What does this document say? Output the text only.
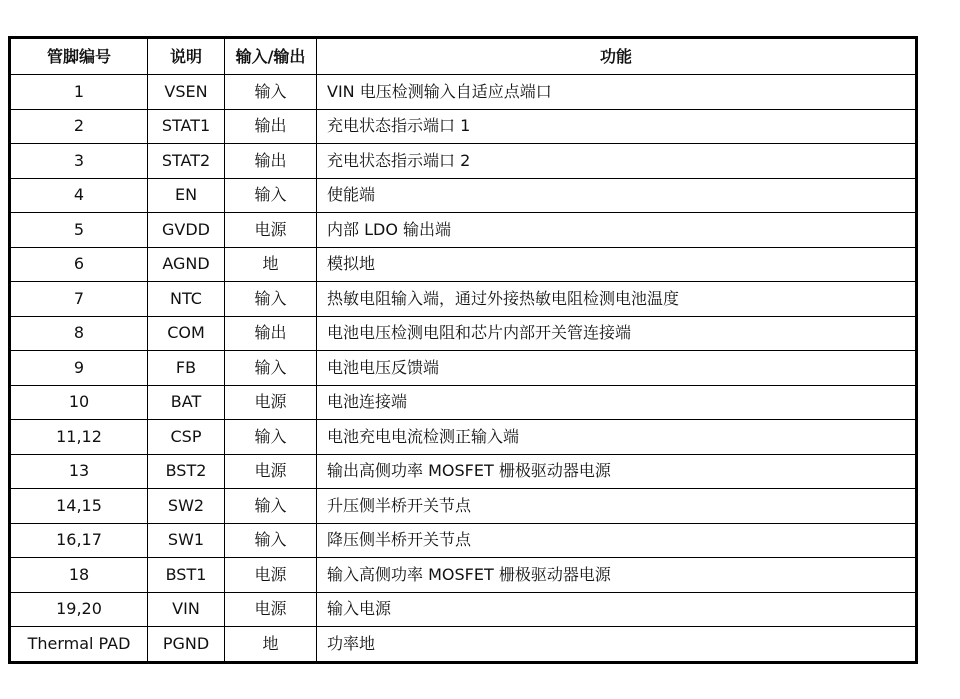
管脚编号	说明	输入/输出	功能
1	VSEN	输入	VIN 电压检测输入自适应点端口
2	STAT1	输出	充电状态指示端口 1
3	STAT2	输出	充电状态指示端口 2
4	EN	输入	使能端
5	GVDD	电源	内部 LDO 输出端
6	AGND	地	模拟地
7	NTC	输入	热敏电阻输入端，通过外接热敏电阻检测电池温度
8	COM	输出	电池电压检测电阻和芯片内部开关管连接端
9	FB	输入	电池电压反馈端
10	BAT	电源	电池连接端
11,12	CSP	输入	电池充电电流检测正输入端
13	BST2	电源	输出高侧功率 MOSFET 栅极驱动器电源
14,15	SW2	输入	升压侧半桥开关节点
16,17	SW1	输入	降压侧半桥开关节点
18	BST1	电源	输入高侧功率 MOSFET 栅极驱动器电源
19,20	VIN	电源	输入电源
Thermal PAD	PGND	地	功率地
